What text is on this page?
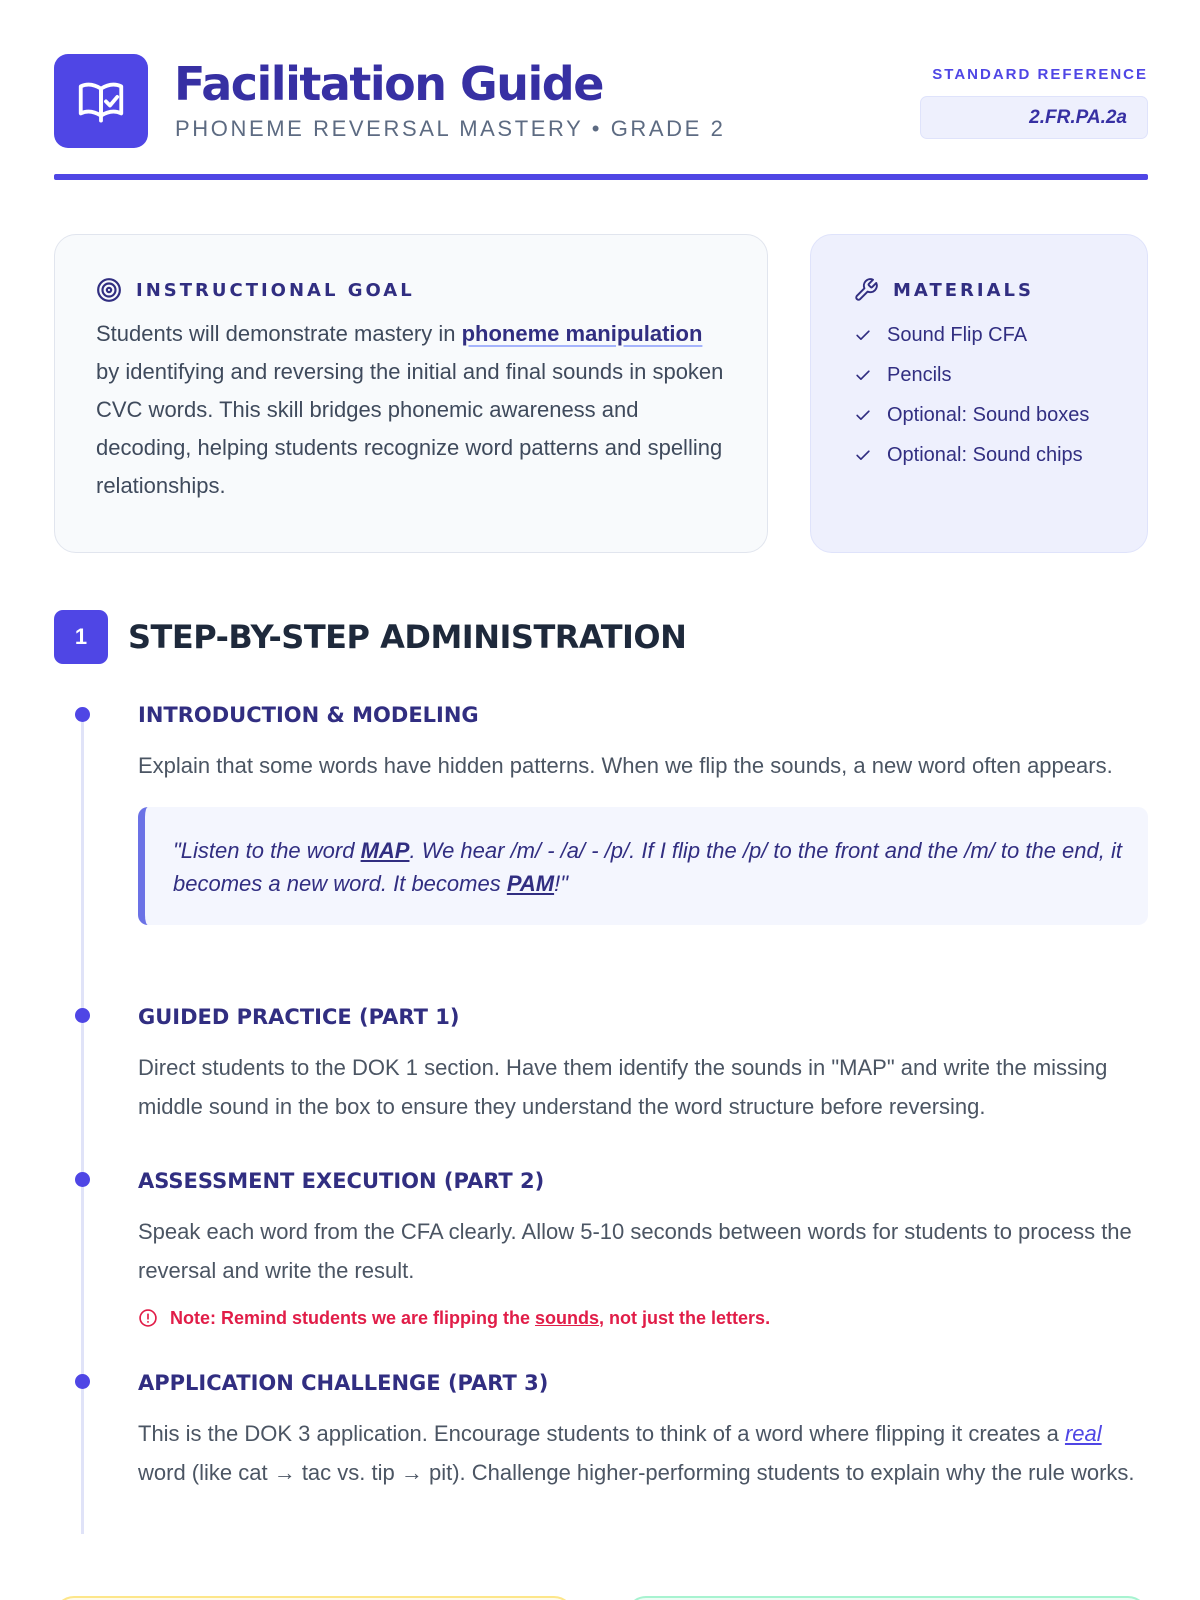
Facilitation Guide
PHONEME REVERSAL MASTERY • GRADE 2
STANDARD REFERENCE
2.FR.PA.2a
INSTRUCTIONAL GOAL

Students will demonstrate mastery in phoneme manipulation by identifying and reversing the initial and final sounds in spoken CVC words. This skill bridges phonemic awareness and decoding, helping students recognize word patterns and spelling relationships.

MATERIALS
Sound Flip CFA
Pencils
Optional: Sound boxes
Optional: Sound chips
1	STEP-BY-STEP ADMINISTRATION
INTRODUCTION & MODELING

Explain that some words have hidden patterns. When we flip the sounds, a new word often appears.

"Listen to the word MAP. We hear /m/ - /a/ - /p/. If I flip the /p/ to the front and the /m/ to the end, it becomes a new word. It becomes PAM!"
GUIDED PRACTICE (PART 1)

Direct students to the DOK 1 section. Have them identify the sounds in "MAP" and write the missing middle sound in the box to ensure they understand the word structure before reversing.

ASSESSMENT EXECUTION (PART 2)

Speak each word from the CFA clearly. Allow 5-10 seconds between words for students to process the reversal and write the result.

Note: Remind students we are flipping the sounds, not just the letters.
APPLICATION CHALLENGE (PART 3)

This is the DOK 3 application. Encourage students to think of a word where flipping it creates a real word (like cat → tac vs. tip → pit). Challenge higher-performing students to explain why the rule works.
